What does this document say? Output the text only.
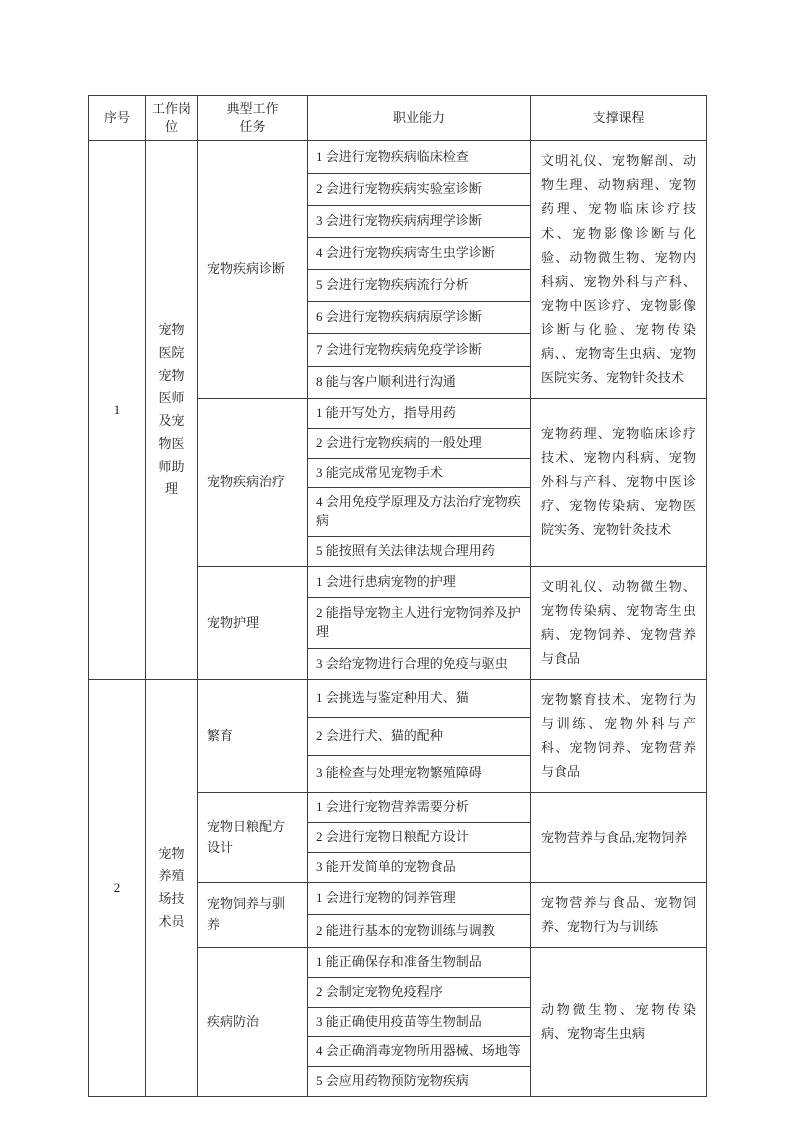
序号	工作岗位	典型工作任务	职业能力	支撑课程
1	宠物医院宠物医师及宠物医师助理	宠物疾病诊断	1 会进行宠物疾病临床检查	文明礼仪、宠物解剖、动物生理、动物病理、宠物药理、宠物临床诊疗技术、宠物影像诊断与化验、动物微生物、宠物内科病、宠物外科与产科、宠物中医诊疗、宠物影像诊断与化验、宠物传染病、、宠物寄生虫病、宠物医院实务、宠物针灸技术
			2 会进行宠物疾病实验室诊断	
			3 会进行宠物疾病病理学诊断	
			4 会进行宠物疾病寄生虫学诊断	
			5 会进行宠物疾病流行分析	
			6 会进行宠物疾病病原学诊断	
			7 会进行宠物疾病免疫学诊断	
			8 能与客户顺利进行沟通	
		宠物疾病治疗	1 能开写处方，指导用药	宠物药理、宠物临床诊疗技术、宠物内科病、宠物外科与产科、宠物中医诊疗、宠物传染病、宠物医院实务、宠物针灸技术
			2 会进行宠物疾病的一般处理	
			3 能完成常见宠物手术	
			4 会用免疫学原理及方法治疗宠物疾病	
			5 能按照有关法律法规合理用药	
		宠物护理	1 会进行患病宠物的护理	文明礼仪、动物微生物、宠物传染病、宠物寄生虫病、宠物饲养、宠物营养与食品
			2 能指导宠物主人进行宠物饲养及护理	
			3 会给宠物进行合理的免疫与驱虫	
2	宠物养殖场技术员	繁育	1 会挑选与鉴定种用犬、猫	宠物繁育技术、宠物行为与训练、宠物外科与产科、宠物饲养、宠物营养与食品
			2 会进行犬、猫的配种	
			3 能检查与处理宠物繁殖障碍	
		宠物日粮配方设计	1 会进行宠物营养需要分析	宠物营养与食品,宠物饲养
			2 会进行宠物日粮配方设计	
			3 能开发简单的宠物食品	
		宠物饲养与驯养	1 会进行宠物的饲养管理	宠物营养与食品、宠物饲养、宠物行为与训练
			2 能进行基本的宠物训练与调教	
		疾病防治	1 能正确保存和准备生物制品	动物微生物、宠物传染病、宠物寄生虫病
			2 会制定宠物免疫程序	
			3 能正确使用疫苗等生物制品	
			4 会正确消毒宠物所用器械、场地等	
			5 会应用药物预防宠物疾病	
